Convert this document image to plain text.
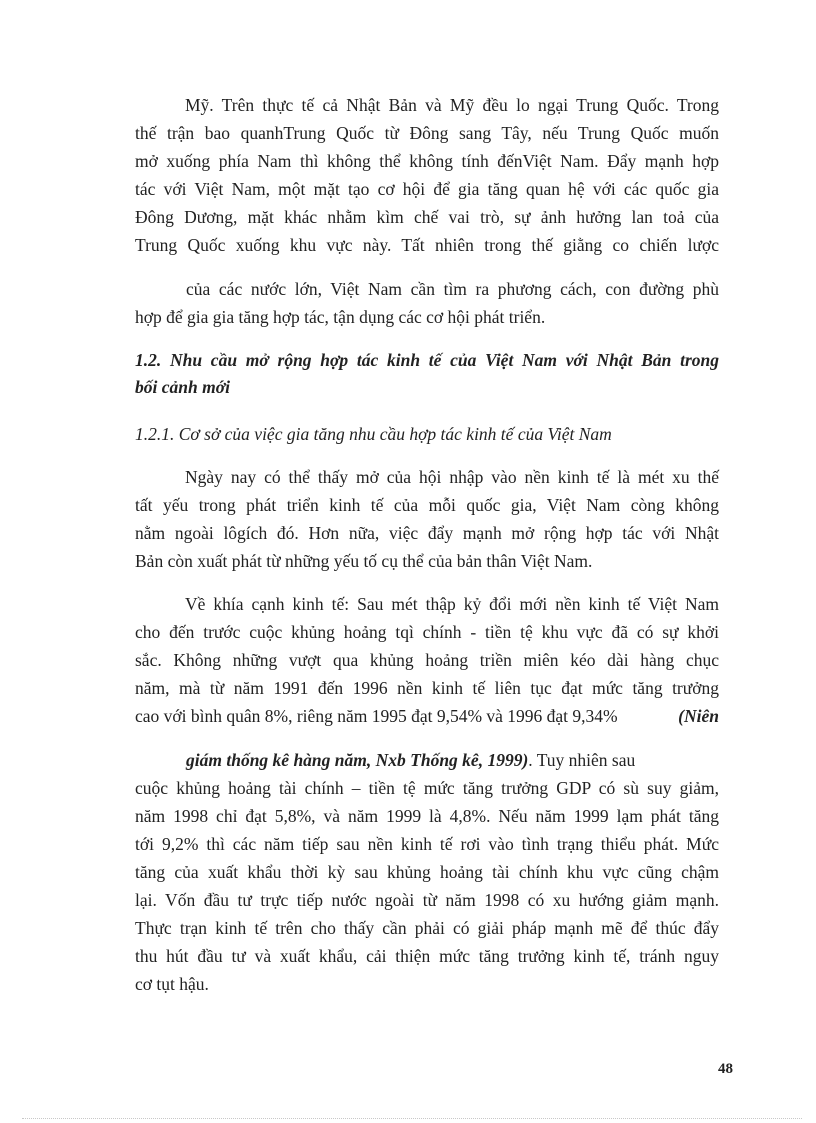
Mỹ. Trên thực tế cả Nhật Bản và Mỹ đều lo ngại Trung Quốc. Trong
thế trận bao quanhTrung Quốc từ Đông sang Tây, nếu Trung Quốc muốn
mở xuống phía Nam thì không thể không tính đếnViệt Nam. Đẩy mạnh hợp
tác với Việt Nam, một mặt tạo cơ hội để gia tăng quan hệ với các quốc gia
Đông Dương, mặt khác nhằm kìm chế vai trò, sự ảnh hưởng lan toả của
Trung Quốc xuống khu vực này. Tất nhiên trong thế giằng co chiến lược
của các nước lớn, Việt Nam cần tìm ra phương cách, con đường phù
hợp để gia gia tăng hợp tác, tận dụng các cơ hội phát triển.
1.2. Nhu cầu mở rộng hợp tác kinh tế của Việt Nam với Nhật Bản trong
bối cảnh mới
1.2.1. Cơ sở của việc gia tăng nhu cầu hợp tác kinh tế của Việt Nam
Ngày nay có thể thấy mở của hội nhập vào nền kinh tế là mét xu thế
tất yếu trong phát triển kinh tế của mỗi quốc gia, Việt Nam còng không
nằm ngoài lôgích đó. Hơn nữa, việc đẩy mạnh mở rộng hợp tác với Nhật
Bản còn xuất phát từ những yếu tố cụ thể của bản thân Việt Nam.
Về khía cạnh kinh tế: Sau mét thập kỷ đổi mới nền kinh tế Việt Nam
cho đến trước cuộc khủng hoảng tqì chính - tiền tệ khu vực đã có sự khởi
sắc. Không những vượt qua khủng hoảng triền miên kéo dài hàng chục
năm, mà từ năm 1991 đến 1996 nền kinh tế liên tục đạt mức tăng trưởng
cao với bình quân 8%, riêng năm 1995 đạt 9,54% và 1996 đạt 9,34%	(Niên
giám thống kê hàng năm, Nxb Thống kê, 1999). Tuy nhiên sau
cuộc khủng hoảng tài chính – tiền tệ mức tăng trưởng GDP có sù suy giảm,
năm 1998 chỉ đạt 5,8%, và năm 1999 là 4,8%. Nếu năm 1999 lạm phát tăng
tới 9,2% thì các năm tiếp sau nền kinh tế rơi vào tình trạng thiểu phát. Mức
tăng của xuất khẩu thời kỳ sau khủng hoảng tài chính khu vực cũng chậm
lại. Vốn đầu tư trực tiếp nước ngoài từ năm 1998 có xu hướng giảm mạnh.
Thực trạn kinh tế trên cho thấy cần phải có giải pháp mạnh mẽ để thúc đẩy
thu hút đầu tư và xuất khẩu, cải thiện mức tăng trưởng kinh tế, tránh nguy
cơ tụt hậu.
48
